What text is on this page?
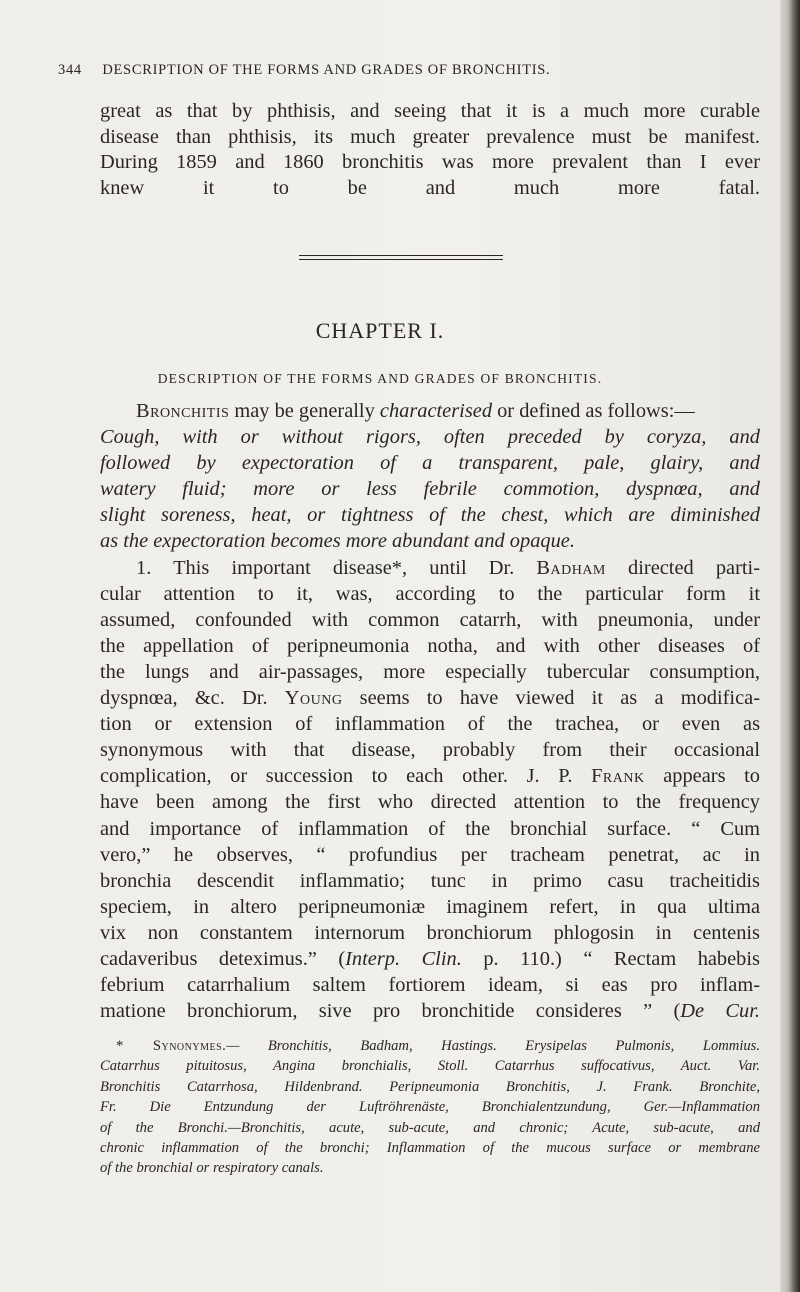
344 DESCRIPTION OF THE FORMS AND GRADES OF BRONCHITIS.
great as that by phthisis, and seeing that it is a much more curable
disease than phthisis, its much greater prevalence must be manifest.
During 1859 and 1860 bronchitis was more prevalent than I ever
knew it to be and much more fatal.
CHAPTER I.
DESCRIPTION OF THE FORMS AND GRADES OF BRONCHITIS.
Bronchitis may be generally characterised or defined as follows:—
Cough, with or without rigors, often preceded by coryza, and
followed by expectoration of a transparent, pale, glairy, and
watery fluid; more or less febrile commotion, dyspnœa, and
slight soreness, heat, or tightness of the chest, which are diminished
as the expectoration becomes more abundant and opaque.
1. This important disease*, until Dr. Badham directed parti-
cular attention to it, was, according to the particular form it
assumed, confounded with common catarrh, with pneumonia, under
the appellation of peripneumonia notha, and with other diseases of
the lungs and air-passages, more especially tubercular consumption,
dyspnœa, &c. Dr. Young seems to have viewed it as a modifica-
tion or extension of inflammation of the trachea, or even as
synonymous with that disease, probably from their occasional
complication, or succession to each other. J. P. Frank appears to
have been among the first who directed attention to the frequency
and importance of inflammation of the bronchial surface. “ Cum
vero,” he observes, “ profundius per tracheam penetrat, ac in
bronchia descendit inflammatio; tunc in primo casu tracheitidis
speciem, in altero peripneumoniæ imaginem refert, in qua ultima
vix non constantem internorum bronchiorum phlogosin in centenis
cadaveribus deteximus.” (Interp. Clin. p. 110.) “ Rectam habebis
febrium catarrhalium saltem fortiorem ideam, si eas pro inflam-
matione bronchiorum, sive pro bronchitide consideres ” (De Cur.
* Synonymes.— Bronchitis, Badham, Hastings. Erysipelas Pulmonis, Lommius.
Catarrhus pituitosus, Angina bronchialis, Stoll. Catarrhus suffocativus, Auct. Var.
Bronchitis Catarrhosa, Hildenbrand. Peripneumonia Bronchitis, J. Frank. Bronchite,
Fr. Die Entzundung der Luftröhrenäste, Bronchialentzundung, Ger.—Inflammation
of the Bronchi.—Bronchitis, acute, sub-acute, and chronic; Acute, sub-acute, and
chronic inflammation of the bronchi; Inflammation of the mucous surface or membrane
of the bronchial or respiratory canals.
